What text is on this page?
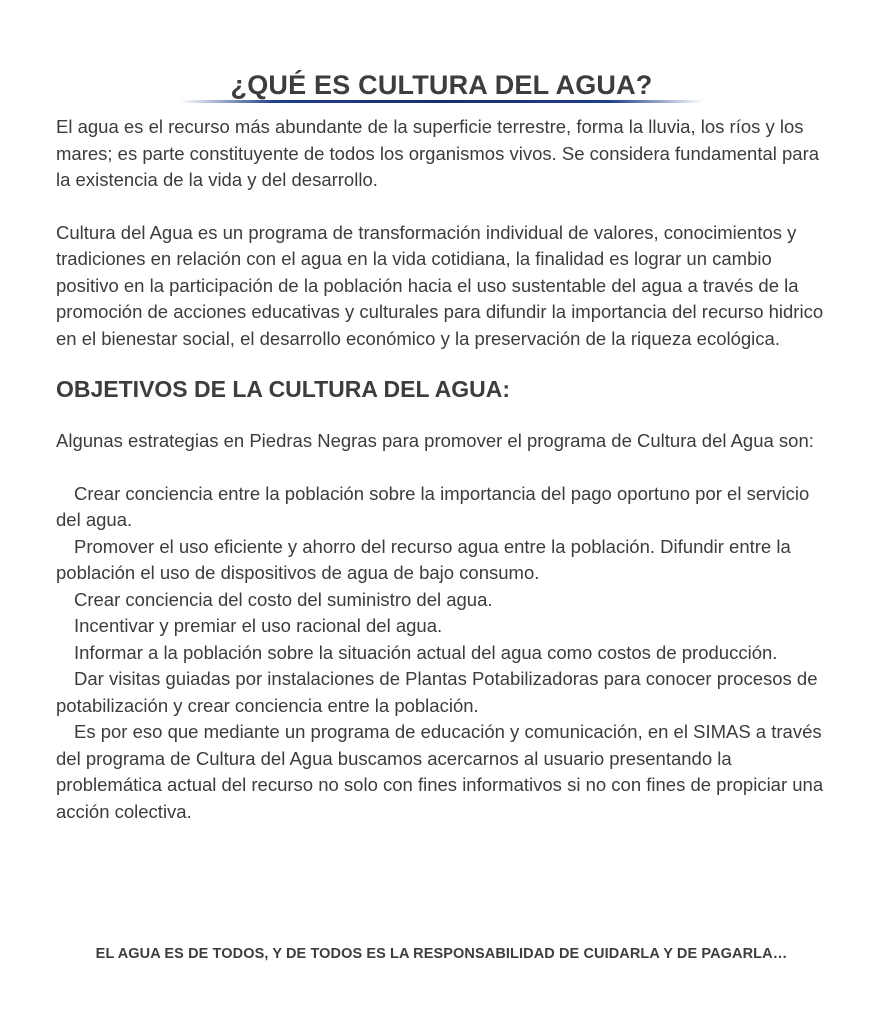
¿QUÉ ES CULTURA DEL AGUA?

El agua es el recurso más abundante de la superficie terrestre, forma la lluvia, los ríos y los mares; es parte constituyente de todos los organismos vivos. Se considera fundamental para la existencia de la vida y del desarrollo.

Cultura del Agua es un programa de transformación individual de valores, conocimientos y tradiciones en relación con el agua en la vida cotidiana, la finalidad es lograr un cambio positivo en la participación de la población hacia el uso sustentable del agua a través de la promoción de acciones educativas y culturales para difundir la importancia del recurso hidrico en el bienestar social, el desarrollo económico y la preservación de la riqueza ecológica.

OBJETIVOS DE LA CULTURA DEL AGUA:

Algunas estrategias en Piedras Negras para promover el programa de Cultura del Agua son:

Crear conciencia entre la población sobre la importancia del pago oportuno por el servicio del agua.

Promover el uso eficiente y ahorro del recurso agua entre la población. Difundir entre la población el uso de dispositivos de agua de bajo consumo.

Crear conciencia del costo del suministro del agua.

Incentivar y premiar el uso racional del agua.

Informar a la población sobre la situación actual del agua como costos de producción.

Dar visitas guiadas por instalaciones de Plantas Potabilizadoras para conocer procesos de potabilización y crear conciencia entre la población.

Es por eso que mediante un programa de educación y comunicación, en el SIMAS a través del programa de Cultura del Agua buscamos acercarnos al usuario presentando la problemática actual del recurso no solo con fines informativos si no con fines de propiciar una acción colectiva.

EL AGUA ES DE TODOS, Y DE TODOS ES LA RESPONSABILIDAD DE CUIDARLA Y DE PAGARLA…
